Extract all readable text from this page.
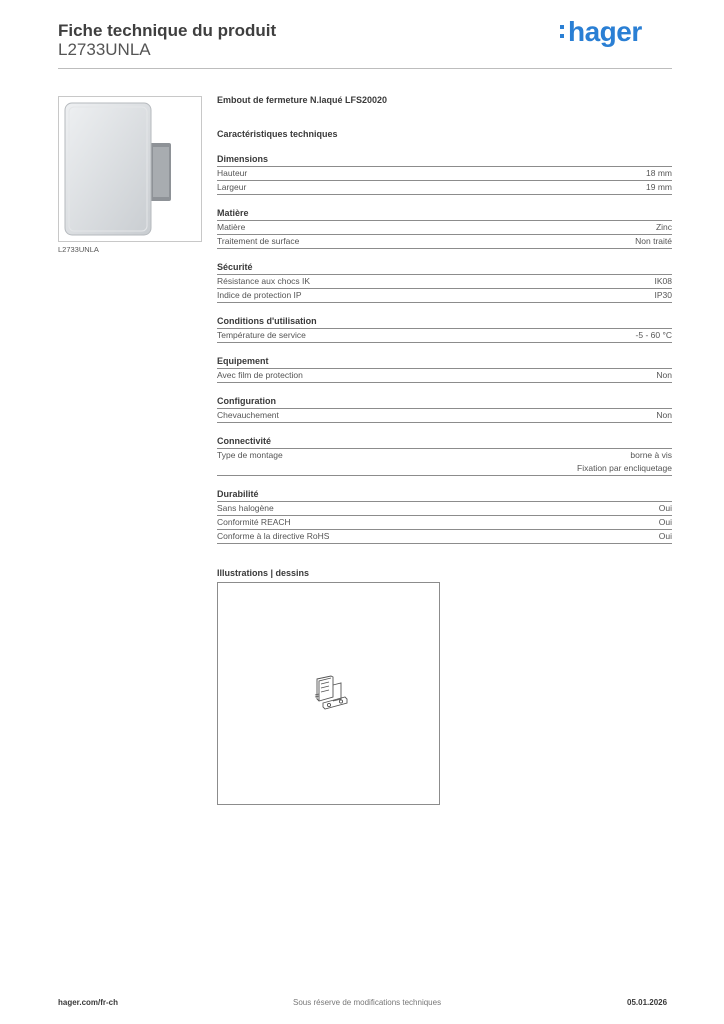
Fiche technique du produit
L2733UNLA
hager
L2733UNLA
Embout de fermeture N.laqué LFS20020
Caractéristiques techniques
Dimensions
Hauteur	18 mm
Largeur	19 mm
Matière
Matière	Zinc
Traitement de surface	Non traité
Sécurité
Résistance aux chocs IK	IK08
Indice de protection IP	IP30
Conditions d'utilisation
Température de service	-5 - 60 °C
Equipement
Avec film de protection	Non
Configuration
Chevauchement	Non
Connectivité
Type de montage	borne à vis
Fixation par encliquetage
Durabilité
Sans halogène	Oui
Conformité REACH	Oui
Conforme à la directive RoHS	Oui
Illustrations | dessins
hager.com/fr-ch	Sous réserve de modifications techniques	05.01.2026
